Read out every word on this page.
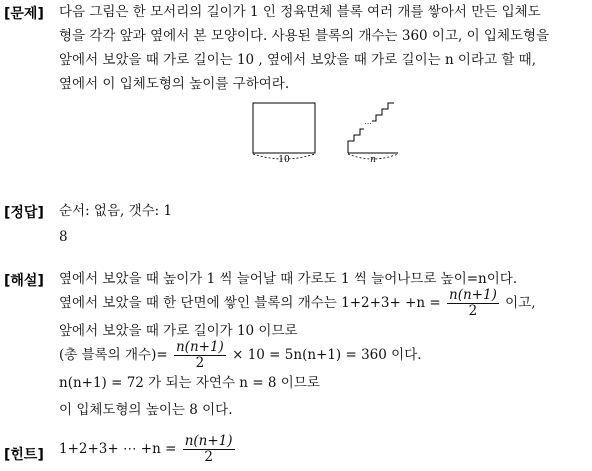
[문제] 다음 그림은 한 모서리의 길이가 1 인 정육면체 블록 여러 개를 쌓아서 만든 입체도
형을 각각 앞과 옆에서 본 모양이다. 사용된 블록의 개수는 360 이고, 이 입체도형을
앞에서 보았을 때 가로 길이는 10 , 옆에서 보았을 때 가로 길이는 n 이라고 할 때,
옆에서 이 입체도형의 높이를 구하여라.
10
⋯
n
[정답] 순서: 없음, 갯수: 1
8
[해설] 옆에서 보았을 때 높이가 1 씩 늘어날 때 가로도 1 씩 늘어나므로 높이=n이다.
옆에서 보았을 때 한 단면에 쌓인 블록의 개수는 $1+2+3+ +n = \frac{n(n+1)}{2}$ 이고,
앞에서 보았을 때 가로 길이가 10 이므로
(총 블록의 개수)= $\frac{n(n+1)}{2} \times 10 = 5n(n+1) = 360$ 이다.
n(n+1) = 72 가 되는 자연수 n = 8 이므로
이 입체도형의 높이는 8 이다.
[힌트] 1+2+3+ ⋯ $+n = \frac{n(n+1)}{2}$
